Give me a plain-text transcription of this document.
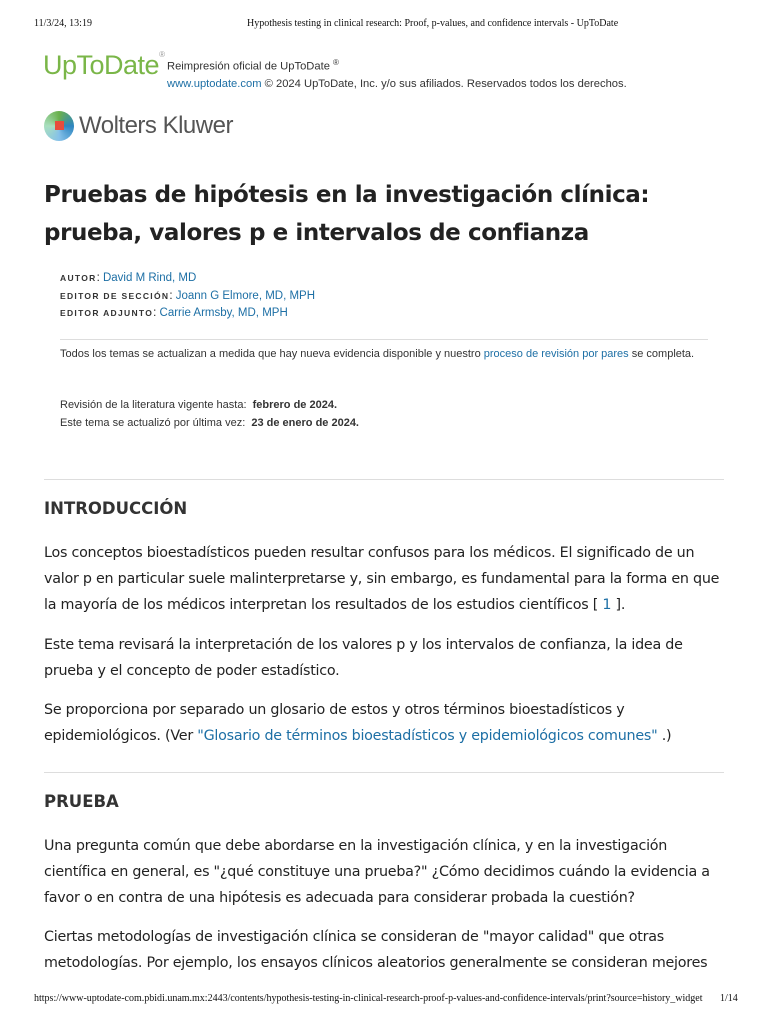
11/3/24, 13:19	Hypothesis testing in clinical research: Proof, p-values, and confidence intervals - UpToDate
UpToDate®
Reimpresión oficial de UpToDate ®
www.uptodate.com © 2024 UpToDate, Inc. y/o sus afiliados. Reservados todos los derechos.
Wolters Kluwer
Pruebas de hipótesis en la investigación clínica: prueba, valores p e intervalos de confianza
AUTOR: David M Rind, MD
EDITOR DE SECCIÓN: Joann G Elmore, MD, MPH
EDITOR ADJUNTO: Carrie Armsby, MD, MPH
Todos los temas se actualizan a medida que hay nueva evidencia disponible y nuestro proceso de revisión por pares se completa.
Revisión de la literatura vigente hasta: febrero de 2024.
Este tema se actualizó por última vez: 23 de enero de 2024.
INTRODUCCIÓN

Los conceptos bioestadísticos pueden resultar confusos para los médicos. El significado de un valor p en particular suele malinterpretarse y, sin embargo, es fundamental para la forma en que la mayoría de los médicos interpretan los resultados de los estudios científicos [ 1 ].

Este tema revisará la interpretación de los valores p y los intervalos de confianza, la idea de prueba y el concepto de poder estadístico.

Se proporciona por separado un glosario de estos y otros términos bioestadísticos y epidemiológicos. (Ver "Glosario de términos bioestadísticos y epidemiológicos comunes" .)

PRUEBA

Una pregunta común que debe abordarse en la investigación clínica, y en la investigación científica en general, es "¿qué constituye una prueba?" ¿Cómo decidimos cuándo la evidencia a favor o en contra de una hipótesis es adecuada para considerar probada la cuestión?

Ciertas metodologías de investigación clínica se consideran de "mayor calidad" que otras metodologías. Por ejemplo, los ensayos clínicos aleatorios generalmente se consideran mejores

https://www-uptodate-com.pbidi.unam.mx:2443/contents/hypothesis-testing-in-clinical-research-proof-p-values-and-confidence-intervals/print?source=history_widget 1/14
